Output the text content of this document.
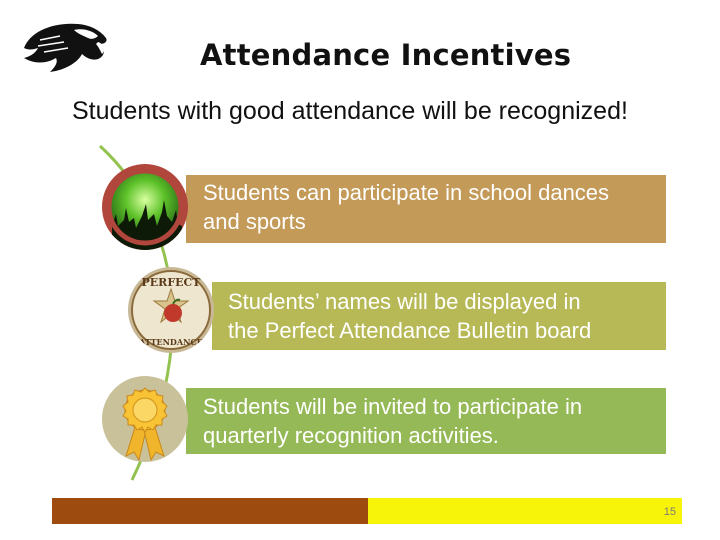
Attendance Incentives
Students with good attendance will be recognized!
Students can participate in school dances
and sports
Students’ names will be displayed in
the Perfect Attendance Bulletin board
Students will be invited to participate in
quarterly recognition activities.
PERFECT
ATTENDANCE
15
